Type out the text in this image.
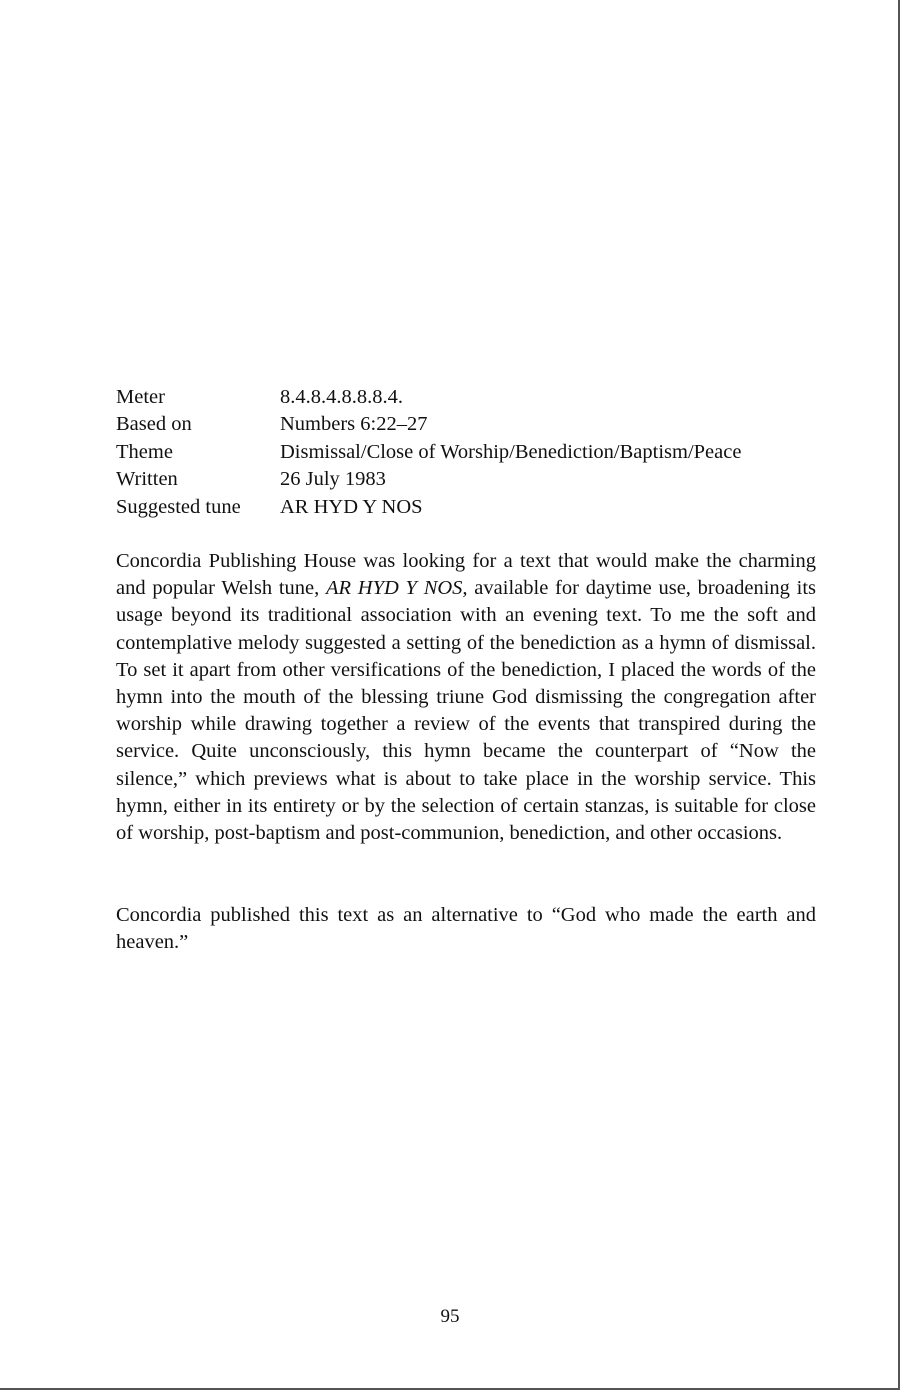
Meter	8.4.8.4.8.8.8.4.
Based on	Numbers 6:22–27
Theme	Dismissal/Close of Worship/Benediction/Baptism/Peace
Written	26 July 1983
Suggested tune	AR HYD Y NOS

Concordia Publishing House was looking for a text that would make the charming and popular Welsh tune, AR HYD Y NOS, available for daytime use, broadening its usage beyond its traditional association with an evening text. To me the soft and contemplative melody suggested a setting of the benediction as a hymn of dismissal. To set it apart from other versifications of the benediction, I placed the words of the hymn into the mouth of the blessing triune God dismissing the congregation after worship while drawing together a review of the events that transpired during the service. Quite unconsciously, this hymn became the counterpart of “Now the silence,” which previews what is about to take place in the worship service. This hymn, either in its entirety or by the selection of certain stanzas, is suitable for close of worship, post-baptism and post-communion, benediction, and other occasions.

Concordia published this text as an alternative to “God who made the earth and heaven.”

95
